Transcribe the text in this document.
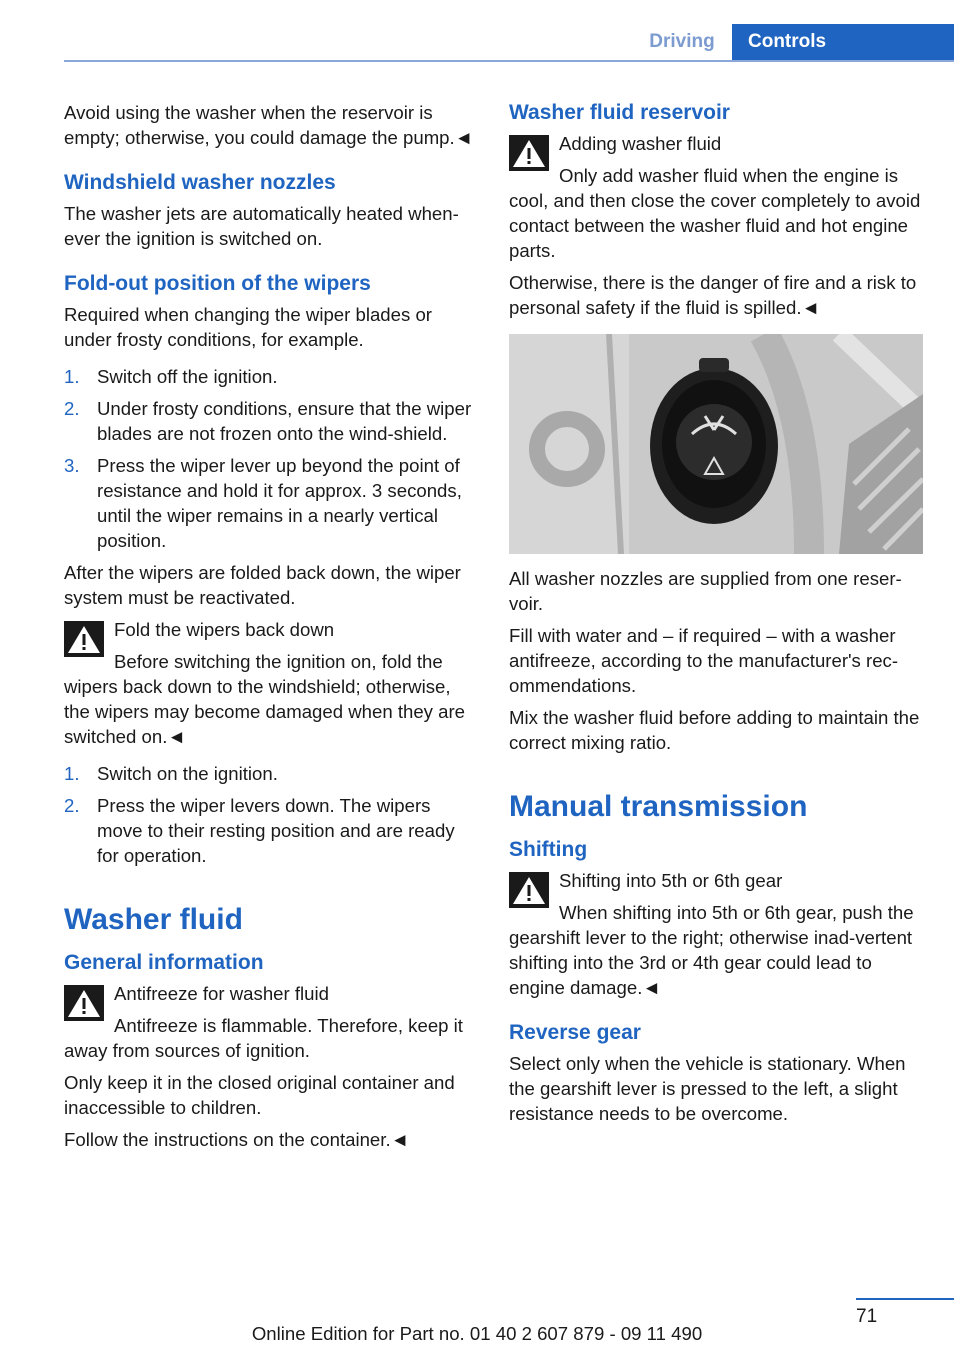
Driving	Controls

Avoid using the washer when the reservoir is empty; otherwise, you could damage the pump.◄

Windshield washer nozzles

The washer jets are automatically heated when‐ever the ignition is switched on.

Fold-out position of the wipers

Required when changing the wiper blades or under frosty conditions, for example.

1. Switch off the ignition.
2. Under frosty conditions, ensure that the wiper blades are not frozen onto the wind‐shield.
3. Press the wiper lever up beyond the point of resistance and hold it for approx. 3 seconds, until the wiper remains in a nearly vertical position.

After the wipers are folded back down, the wiper system must be reactivated.

Fold the wipers back down
Before switching the ignition on, fold the wipers back down to the windshield; otherwise, the wipers may become damaged when they are switched on.◄
1. Switch on the ignition.
2. Press the wiper levers down. The wipers move to their resting position and are ready for operation.
Washer fluid
General information
Antifreeze for washer fluid
Antifreeze is flammable. Therefore, keep it away from sources of ignition.

Only keep it in the closed original container and inaccessible to children.

Follow the instructions on the container.◄

Washer fluid reservoir
Adding washer fluid
Only add washer fluid when the engine is cool, and then close the cover completely to avoid contact between the washer fluid and hot engine parts.

Otherwise, there is the danger of fire and a risk to personal safety if the fluid is spilled.◄

All washer nozzles are supplied from one reser‐voir.

Fill with water and – if required – with a washer antifreeze, according to the manufacturer's rec‐ommendations.

Mix the washer fluid before adding to maintain the correct mixing ratio.

Manual transmission
Shifting
Shifting into 5th or 6th gear
When shifting into 5th or 6th gear, push the gearshift lever to the right; otherwise inad‐vertent shifting into the 3rd or 4th gear could lead to engine damage.◄
Reverse gear

Select only when the vehicle is stationary. When the gearshift lever is pressed to the left, a slight resistance needs to be overcome.

71
Online Edition for Part no. 01 40 2 607 879 - 09 11 490
